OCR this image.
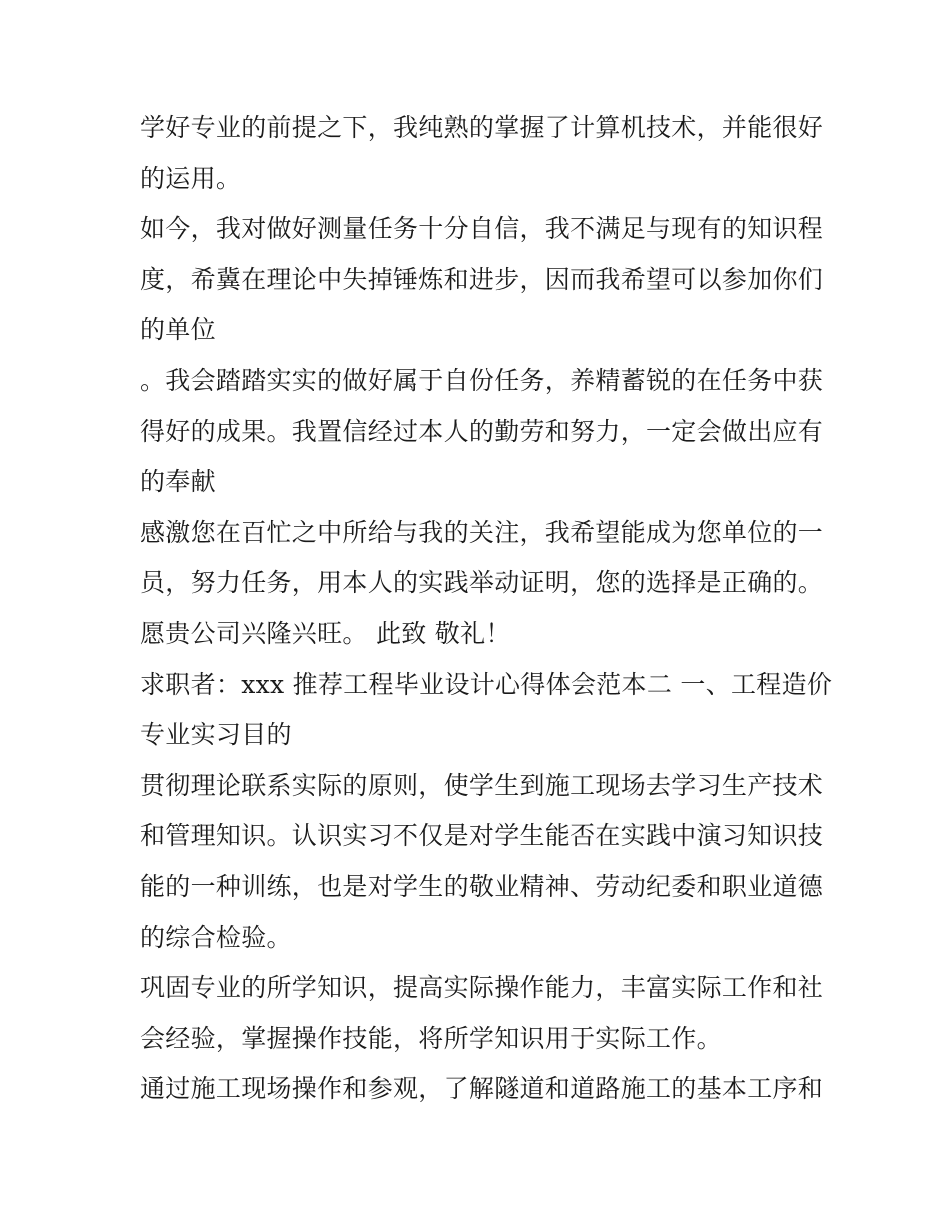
学好专业的前提之下，我纯熟的掌握了计算机技术，并能很好
的运用。
如今，我对做好测量任务十分自信，我不满足与现有的知识程
度，希冀在理论中失掉锤炼和进步，因而我希望可以参加你们
的单位
。我会踏踏实实的做好属于自份任务，养精蓄锐的在任务中获
得好的成果。我置信经过本人的勤劳和努力，一定会做出应有
的奉献
感激您在百忙之中所给与我的关注，我希望能成为您单位的一
员，努力任务，用本人的实践举动证明，您的选择是正确的。
愿贵公司兴隆兴旺。 此致 敬礼！
求职者：xxx 推荐工程毕业设计心得体会范本二 一、工程造价
专业实习目的
贯彻理论联系实际的原则，使学生到施工现场去学习生产技术
和管理知识。认识实习不仅是对学生能否在实践中演习知识技
能的一种训练，也是对学生的敬业精神、劳动纪委和职业道德
的综合检验。
巩固专业的所学知识，提高实际操作能力，丰富实际工作和社
会经验，掌握操作技能，将所学知识用于实际工作。
通过施工现场操作和参观，了解隧道和道路施工的基本工序和
